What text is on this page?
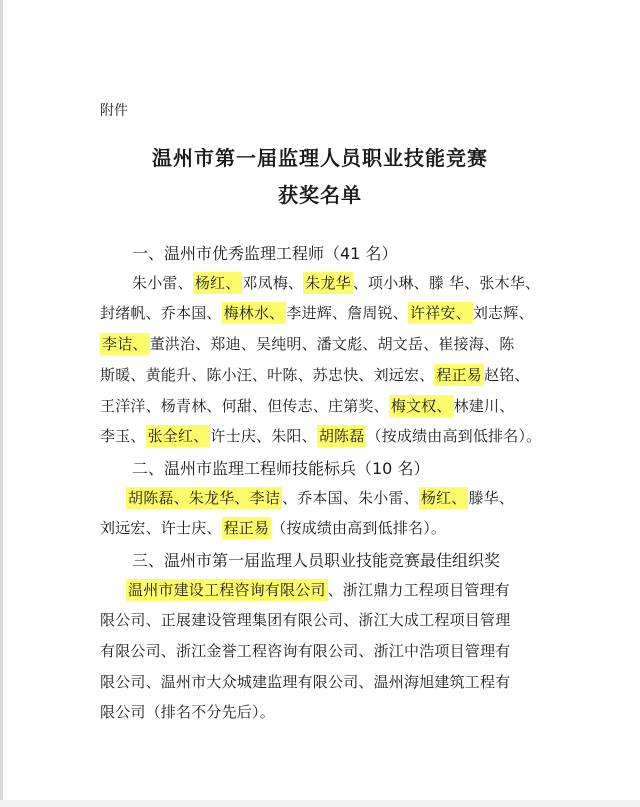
附件
温州市第一届监理人员职业技能竞赛
获奖名单
一、温州市优秀监理工程师（41 名）
朱小雷、 杨红、 邓凤梅、 朱龙华 、项小琳、滕 华、张木华、
封绪帆、乔本国、 梅林水、 李进辉、詹周锐、 许祥安、 刘志辉、
李诘、 董洪治、郑迪、吴纯明、潘文彪、胡文岳、崔接海、陈
斯暖、黄能升、陈小汪、叶陈、苏忠快、刘远宏、 程正易 赵铭、
王洋洋、杨青林、何甜、但传志、庄第奖、 梅文权、 林建川、
李玉、 张全红、 许士庆、朱阳、 胡陈磊 （按成绩由高到低排名）。
二、温州市监理工程师技能标兵（10 名）
胡陈磊、朱龙华、李诘 、乔本国、朱小雷、 杨红、 滕华、
刘远宏、许士庆、 程正易 （按成绩由高到低排名）。
三、温州市第一届监理人员职业技能竞赛最佳组织奖
温州市建设工程咨询有限公司 、浙江鼎力工程项目管理有
限公司、正展建设管理集团有限公司、浙江大成工程项目管理
有限公司、浙江金誉工程咨询有限公司、浙江中浩项目管理有
限公司、温州市大众城建监理有限公司、温州海旭建筑工程有
限公司（排名不分先后）。
